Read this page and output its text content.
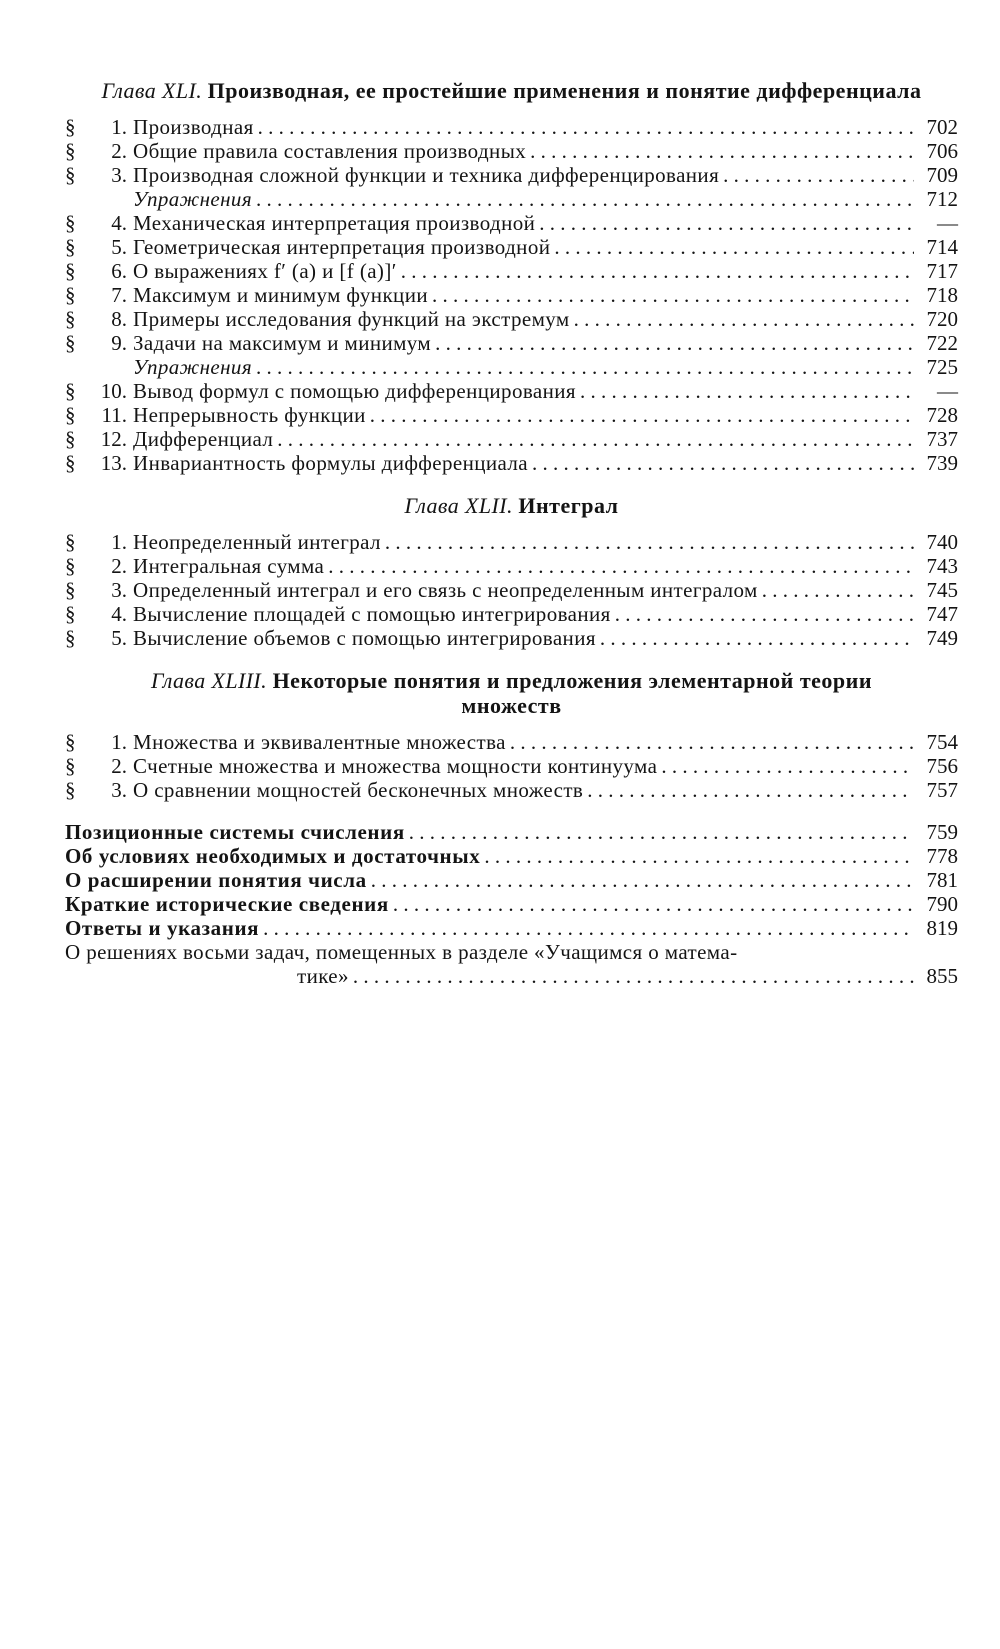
Глава XLI. Производная, ее простейшие применения и понятие дифференциала
§	1. Производная . . .	702
§	2. Общие правила составления производных . . .	706
§	3. Производная сложной функции и техника дифференцирования . . .	709
Упражнения . . .	712
§	4. Механическая интерпретация производной . . .	—
§	5. Геометрическая интерпретация производной . . .	714
§	6. О выражениях f′ (a) и [f (a)]′ . . .	717
§	7. Максимум и минимум функции . . .	718
§	8. Примеры исследования функций на экстремум . . .	720
§	9. Задачи на максимум и минимум . . .	722
Упражнения . . .	725
§	10. Вывод формул с помощью дифференцирования . . .	—
§	11. Непрерывность функции . . .	728
§	12. Дифференциал . . .	737
§	13. Инвариантность формулы дифференциала . . .	739
Глава XLII. Интеграл
§	1. Неопределенный интеграл . . .	740
§	2. Интегральная сумма . . .	743
§	3. Определенный интеграл и его связь с неопределенным интегралом . . .	745
§	4. Вычисление площадей с помощью интегрирования . . .	747
§	5. Вычисление объемов с помощью интегрирования . . .	749
Глава XLIII. Некоторые понятия и предложения элементарной теории множеств
§	1. Множества и эквивалентные множества . . .	754
§	2. Счетные множества и множества мощности континуума . . .	756
§	3. О сравнении мощностей бесконечных множеств . . .	757
Позиционные системы счисления . . .	759
Об условиях необходимых и достаточных . . .	778
О расширении понятия числа . . .	781
Краткие исторические сведения . . .	790
Ответы и указания . . .	819
О решениях восьми задач, помещенных в разделе «Учащимся о матема-
тике» . . .	855
